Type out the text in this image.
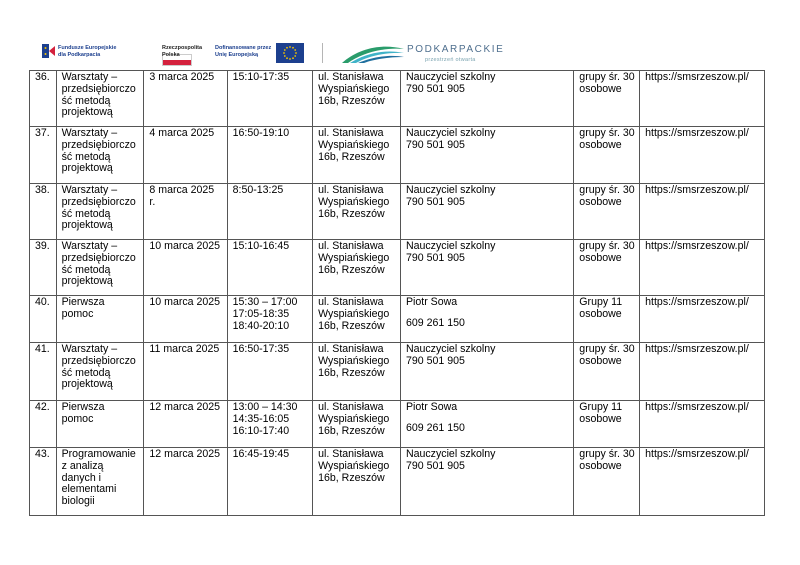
Fundusze Europejskie
dla Podkarpacia
Rzeczpospolita
Polska
Dofinansowane przez
Unię Europejską	PODKARPACKIE
przestrzeń otwarta
36.	Warsztaty –
przedsiębiorczo
ść metodą
projektową	3 marca 2025	15:10-17:35	ul. Stanisława
Wyspiańskiego
16b, Rzeszów	Nauczyciel szkolny
790 501 905	grupy śr. 30
osobowe	https://smsrzeszow.pl/

37.	Warsztaty –
przedsiębiorczo
ść metodą
projektową	4 marca 2025	16:50-19:10	ul. Stanisława
Wyspiańskiego
16b, Rzeszów	Nauczyciel szkolny
790 501 905	grupy śr. 30
osobowe	https://smsrzeszow.pl/

38.	Warsztaty –
przedsiębiorczo
ść metodą
projektową	8 marca 2025
r.	8:50-13:25	ul. Stanisława
Wyspiańskiego
16b, Rzeszów	Nauczyciel szkolny
790 501 905	grupy śr. 30
osobowe	https://smsrzeszow.pl/

39.	Warsztaty –
przedsiębiorczo
ść metodą
projektową	10 marca 2025	15:10-16:45	ul. Stanisława
Wyspiańskiego
16b, Rzeszów	Nauczyciel szkolny
790 501 905	grupy śr. 30
osobowe	https://smsrzeszow.pl/

40.	Pierwsza
pomoc	10 marca 2025	15:30 – 17:00
17:05-18:35
18:40-20:10	ul. Stanisława
Wyspiańskiego
16b, Rzeszów	Piotr Sowa
609 261 150	Grupy 11
osobowe	https://smsrzeszow.pl/

41.	Warsztaty –
przedsiębiorczo
ść metodą
projektową	11 marca 2025	16:50-17:35	ul. Stanisława
Wyspiańskiego
16b, Rzeszów	Nauczyciel szkolny
790 501 905	grupy śr. 30
osobowe	https://smsrzeszow.pl/

42.	Pierwsza
pomoc	12 marca 2025	13:00 – 14:30
14:35-16:05
16:10-17:40	ul. Stanisława
Wyspiańskiego
16b, Rzeszów	Piotr Sowa
609 261 150	Grupy 11
osobowe	https://smsrzeszow.pl/

43.	Programowanie
z analizą
danych i
elementami
biologii	12 marca 2025	16:45-19:45	ul. Stanisława
Wyspiańskiego
16b, Rzeszów	Nauczyciel szkolny
790 501 905	grupy śr. 30
osobowe	https://smsrzeszow.pl/
